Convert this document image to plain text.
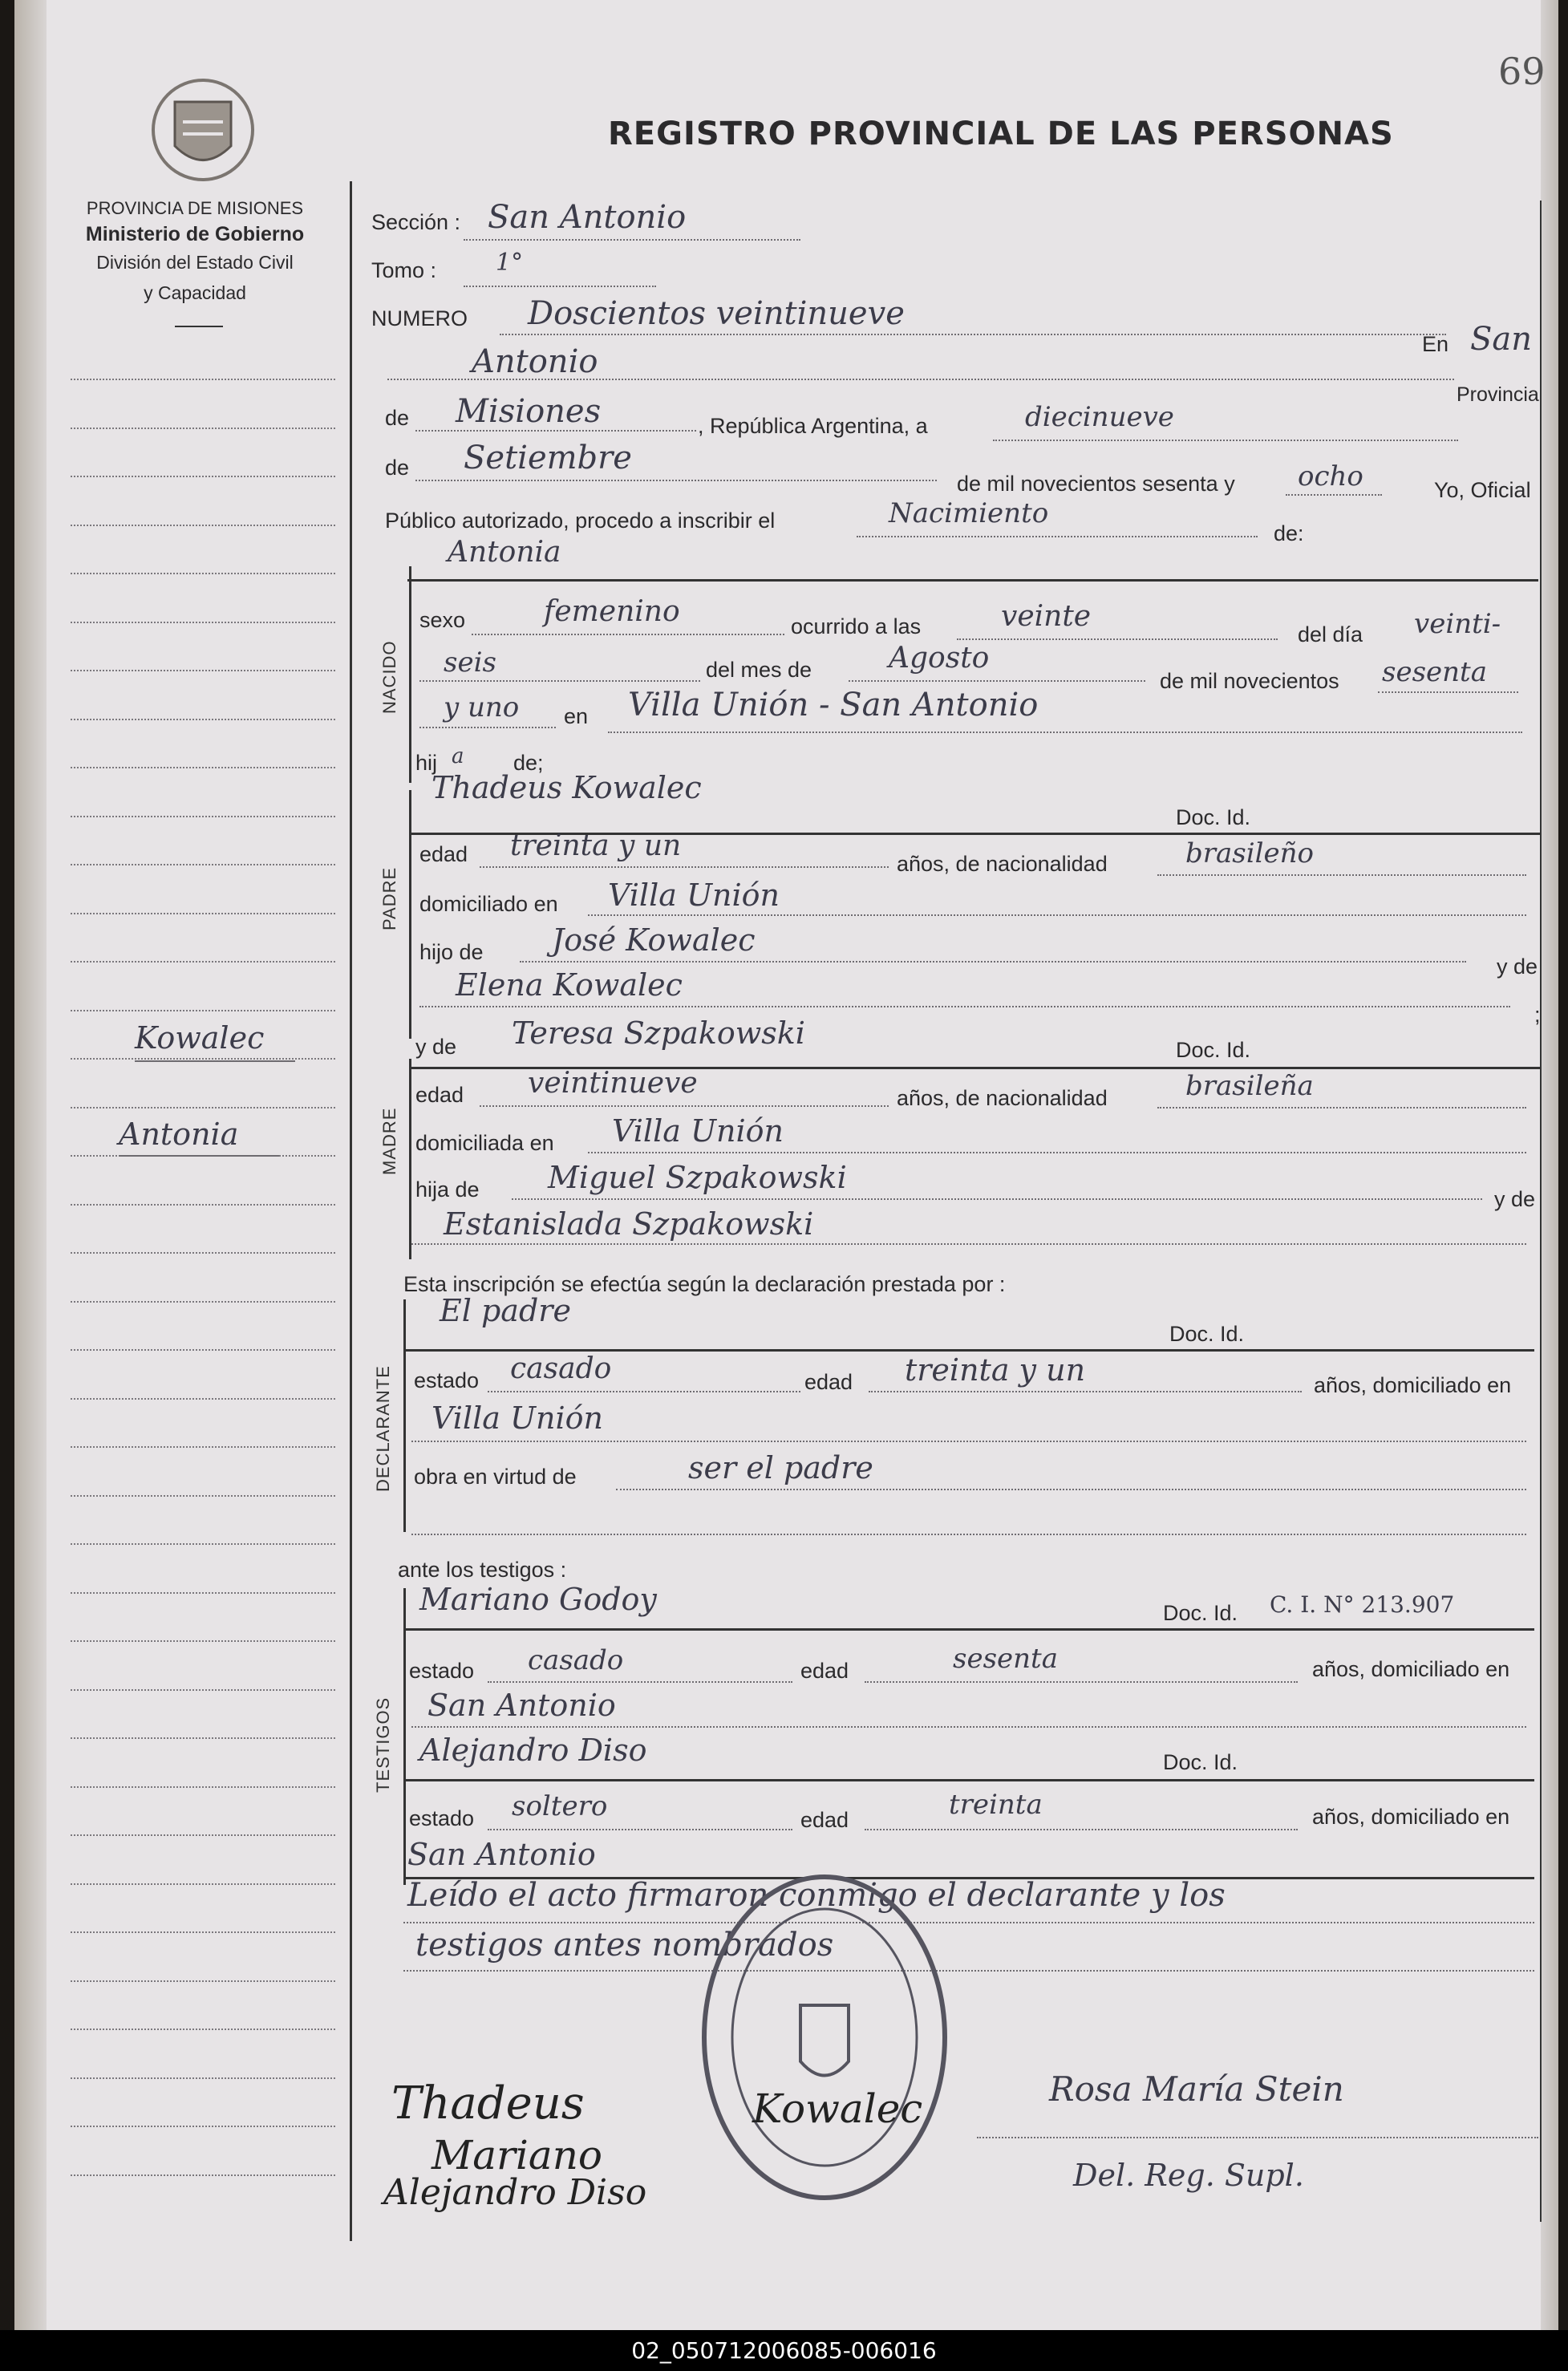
69
PROVINCIA DE MISIONES
Ministerio de Gobierno
División del Estado Civil
y Capacidad
REGISTRO PROVINCIAL DE LAS PERSONAS
Kowalec
Antonia
Sección : San Antonio
Tomo : 1°
NUMERO Doscientos veintinueve
En San
Antonio
Provincia
de Misiones	, República Argentina, a	diecinueve
de Setiembre
de mil novecientos sesenta y ocho	Yo, Oficial
Público autorizado, procedo a inscribir el	Nacimiento
de:
Antonia
NACIDO
sexo	femenino	ocurrido a las	veinte
del día veinti-
seis	del mes de	Agosto
de mil novecientos sesenta
y uno en Villa Unión - San Antonio
hij a de;
Thadeus Kowalec
Doc. Id.
PADRE
edad treinta y un
años, de nacionalidad	brasileño
domiciliado en Villa Unión
hijo de José Kowalec
y de
Elena Kowalec
;
y de Teresa Szpakowski	Doc. Id.
MADRE
edad veintinueve	años, de nacionalidad	brasileña
domiciliada en Villa Unión
hija de Miguel Szpakowski
y de
Estanislada Szpakowski
Esta inscripción se efectúa según la declaración prestada por :
DECLARANTE
El padre
Doc. Id.
estado casado	edad treinta y un	años, domiciliado en
Villa Unión
obra en virtud de	ser el padre
ante los testigos :
TESTIGOS
Mariano Godoy	Doc. Id. C. I. N° 213.907
estado casado	edad	sesenta	años, domiciliado en
San Antonio
Alejandro Diso	Doc. Id.
estado soltero	edad	treinta	años, domiciliado en
San Antonio
Leído el acto firmaron conmigo el declarante y los
testigos antes nombrados
Thadeus	Kowalec
Mariano
Alejandro Diso
Rosa María Stein
Del. Reg. Supl.
02_050712006085-006016
